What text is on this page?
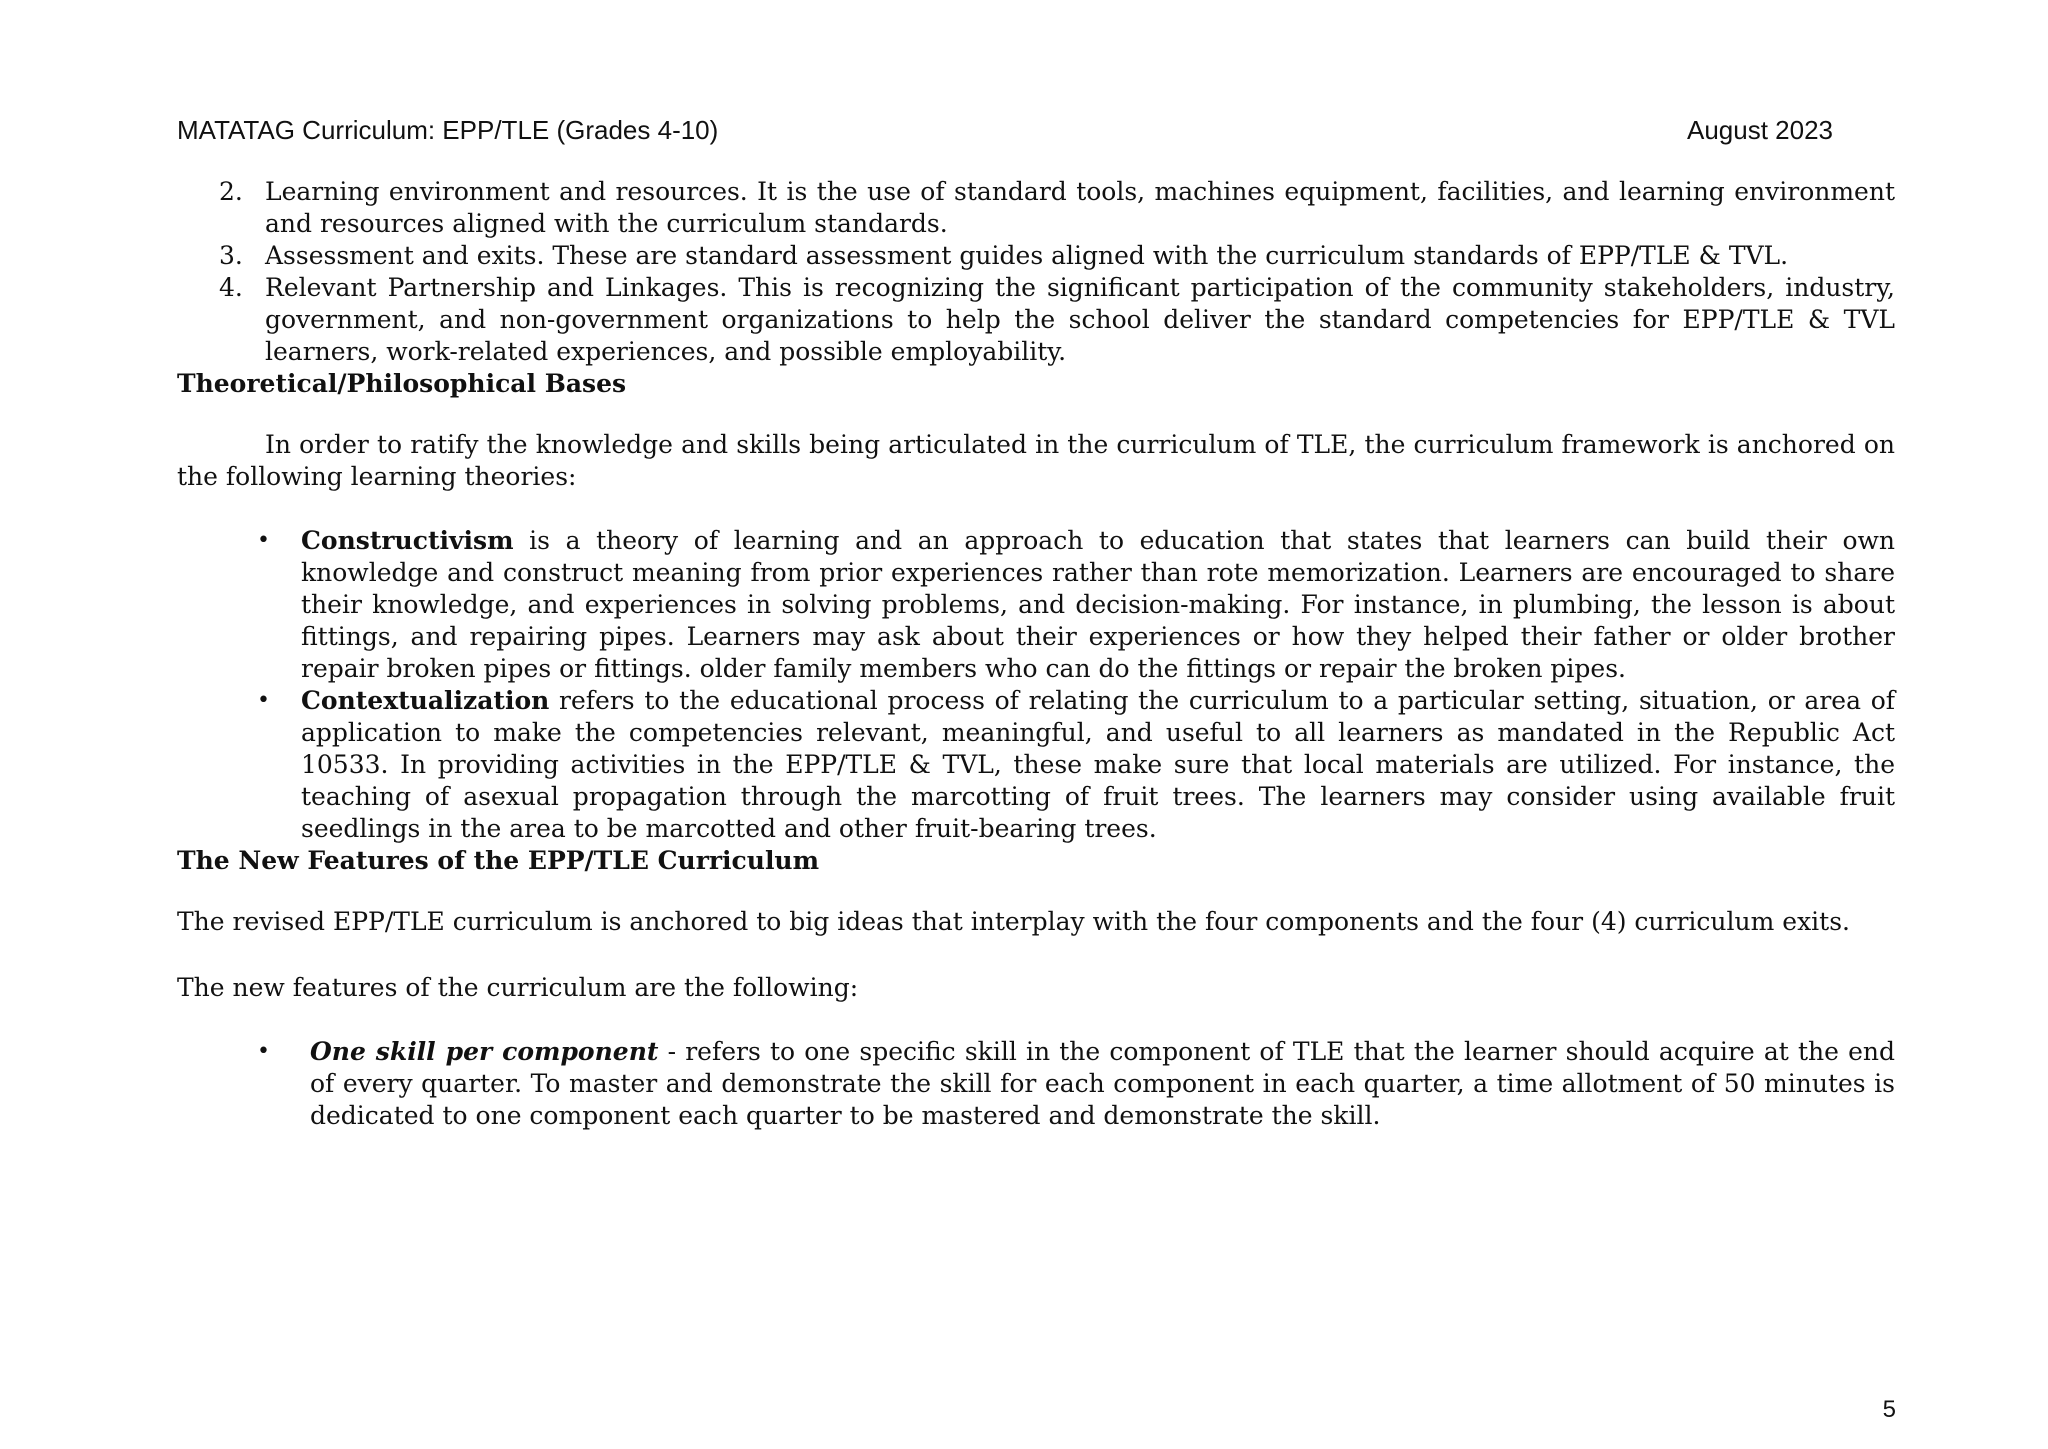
MATATAG Curriculum: EPP/TLE (Grades 4-10)	August 2023
2. Learning environment and resources. It is the use of standard tools, machines equipment, facilities, and learning environment and resources aligned with the curriculum standards.
3. Assessment and exits. These are standard assessment guides aligned with the curriculum standards of EPP/TLE & TVL.
4. Relevant Partnership and Linkages. This is recognizing the significant participation of the community stakeholders, industry, government, and non-government organizations to help the school deliver the standard competencies for EPP/TLE & TVL learners, work-related experiences, and possible employability.
Theoretical/Philosophical Bases

In order to ratify the knowledge and skills being articulated in the curriculum of TLE, the curriculum framework is anchored on the following learning theories:

• Constructivism is a theory of learning and an approach to education that states that learners can build their own knowledge and construct meaning from prior experiences rather than rote memorization. Learners are encouraged to share their knowledge, and experiences in solving problems, and decision-making. For instance, in plumbing, the lesson is about fittings, and repairing pipes. Learners may ask about their experiences or how they helped their father or older brother repair broken pipes or fittings. older family members who can do the fittings or repair the broken pipes.
• Contextualization refers to the educational process of relating the curriculum to a particular setting, situation, or area of application to make the competencies relevant, meaningful, and useful to all learners as mandated in the Republic Act 10533. In providing activities in the EPP/TLE & TVL, these make sure that local materials are utilized. For instance, the teaching of asexual propagation through the marcotting of fruit trees. The learners may consider using available fruit seedlings in the area to be marcotted and other fruit-bearing trees.
The New Features of the EPP/TLE Curriculum

The revised EPP/TLE curriculum is anchored to big ideas that interplay with the four components and the four (4) curriculum exits.

The new features of the curriculum are the following:

• One skill per component - refers to one specific skill in the component of TLE that the learner should acquire at the end of every quarter. To master and demonstrate the skill for each component in each quarter, a time allotment of 50 minutes is dedicated to one component each quarter to be mastered and demonstrate the skill.
5
